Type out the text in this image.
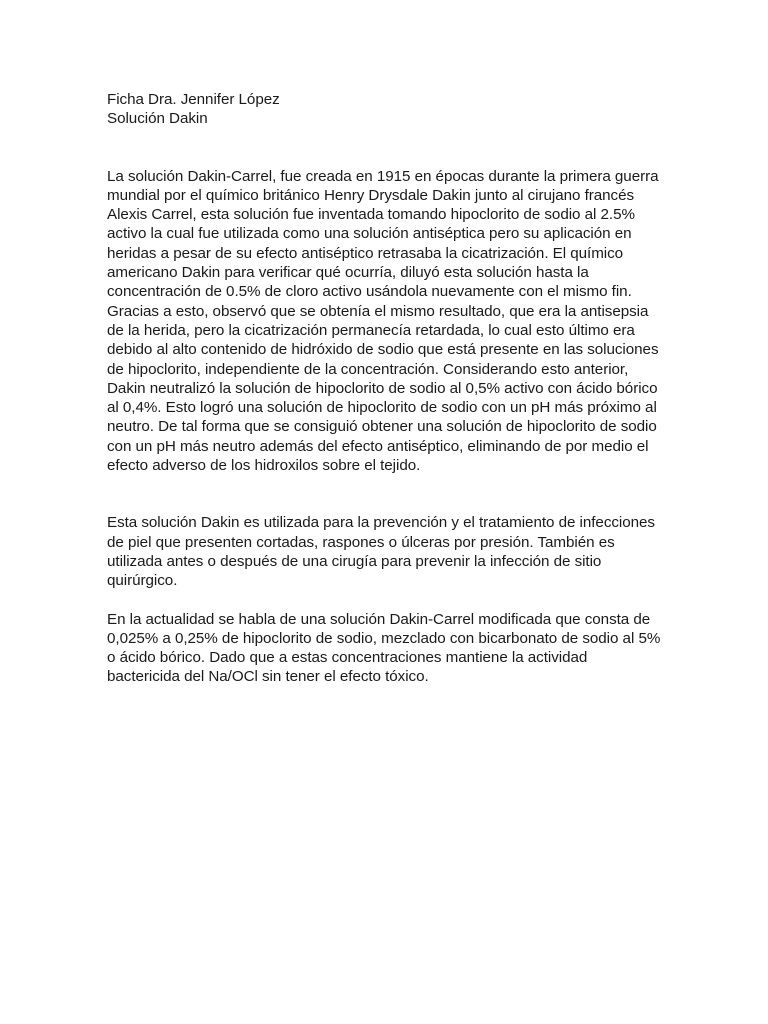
Ficha Dra. Jennifer López
Solución Dakin
La solución Dakin-Carrel, fue creada en 1915 en épocas durante la primera guerra
mundial por el químico británico Henry Drysdale Dakin junto al cirujano francés
Alexis Carrel, esta solución fue inventada tomando hipoclorito de sodio al 2.5%
activo la cual fue utilizada como una solución antiséptica pero su aplicación en
heridas a pesar de su efecto antiséptico retrasaba la cicatrización. El químico
americano Dakin para verificar qué ocurría, diluyó esta solución hasta la
concentración de 0.5% de cloro activo usándola nuevamente con el mismo fin.
Gracias a esto, observó que se obtenía el mismo resultado, que era la antisepsia
de la herida, pero la cicatrización permanecía retardada, lo cual esto último era
debido al alto contenido de hidróxido de sodio que está presente en las soluciones
de hipoclorito, independiente de la concentración. Considerando esto anterior,
Dakin neutralizó la solución de hipoclorito de sodio al 0,5% activo con ácido bórico
al 0,4%. Esto logró una solución de hipoclorito de sodio con un pH más próximo al
neutro. De tal forma que se consiguió obtener una solución de hipoclorito de sodio
con un pH más neutro además del efecto antiséptico, eliminando de por medio el
efecto adverso de los hidroxilos sobre el tejido.
Esta solución Dakin es utilizada para la prevención y el tratamiento de infecciones
de piel que presenten cortadas, raspones o úlceras por presión. También es
utilizada antes o después de una cirugía para prevenir la infección de sitio
quirúrgico.
En la actualidad se habla de una solución Dakin-Carrel modificada que consta de
0,025% a 0,25% de hipoclorito de sodio, mezclado con bicarbonato de sodio al 5%
o ácido bórico. Dado que a estas concentraciones mantiene la actividad
bactericida del Na/OCl sin tener el efecto tóxico.
